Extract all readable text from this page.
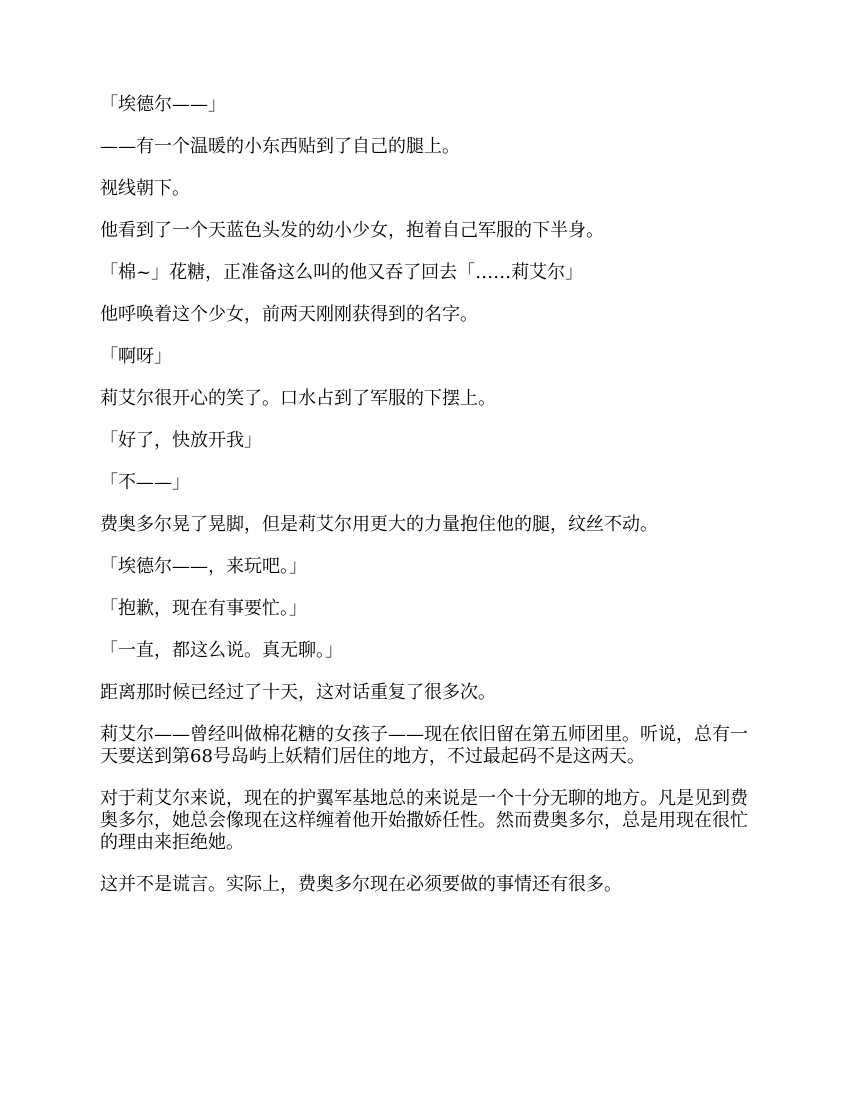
「埃德尔——」

——有一个温暖的小东西贴到了自己的腿上。

视线朝下。

他看到了一个天蓝色头发的幼小少女，抱着自己军服的下半身。

「棉~」花糖，正准备这么叫的他又吞了回去「……莉艾尔」

他呼唤着这个少女，前两天刚刚获得到的名字。

「啊呀」

莉艾尔很开心的笑了。口水占到了军服的下摆上。

「好了，快放开我」

「不——」

费奥多尔晃了晃脚，但是莉艾尔用更大的力量抱住他的腿，纹丝不动。

「埃德尔——，来玩吧。」

「抱歉，现在有事要忙。」

「一直，都这么说。真无聊。」

距离那时候已经过了十天，这对话重复了很多次。

莉艾尔——曾经叫做棉花糖的女孩子——现在依旧留在第五师团里。听说，总有一天要送到第68号岛屿上妖精们居住的地方，不过最起码不是这两天。

对于莉艾尔来说，现在的护翼军基地总的来说是一个十分无聊的地方。凡是见到费奥多尔，她总会像现在这样缠着他开始撒娇任性。然而费奥多尔，总是用现在很忙的理由来拒绝她。

这并不是谎言。实际上，费奥多尔现在必须要做的事情还有很多。
